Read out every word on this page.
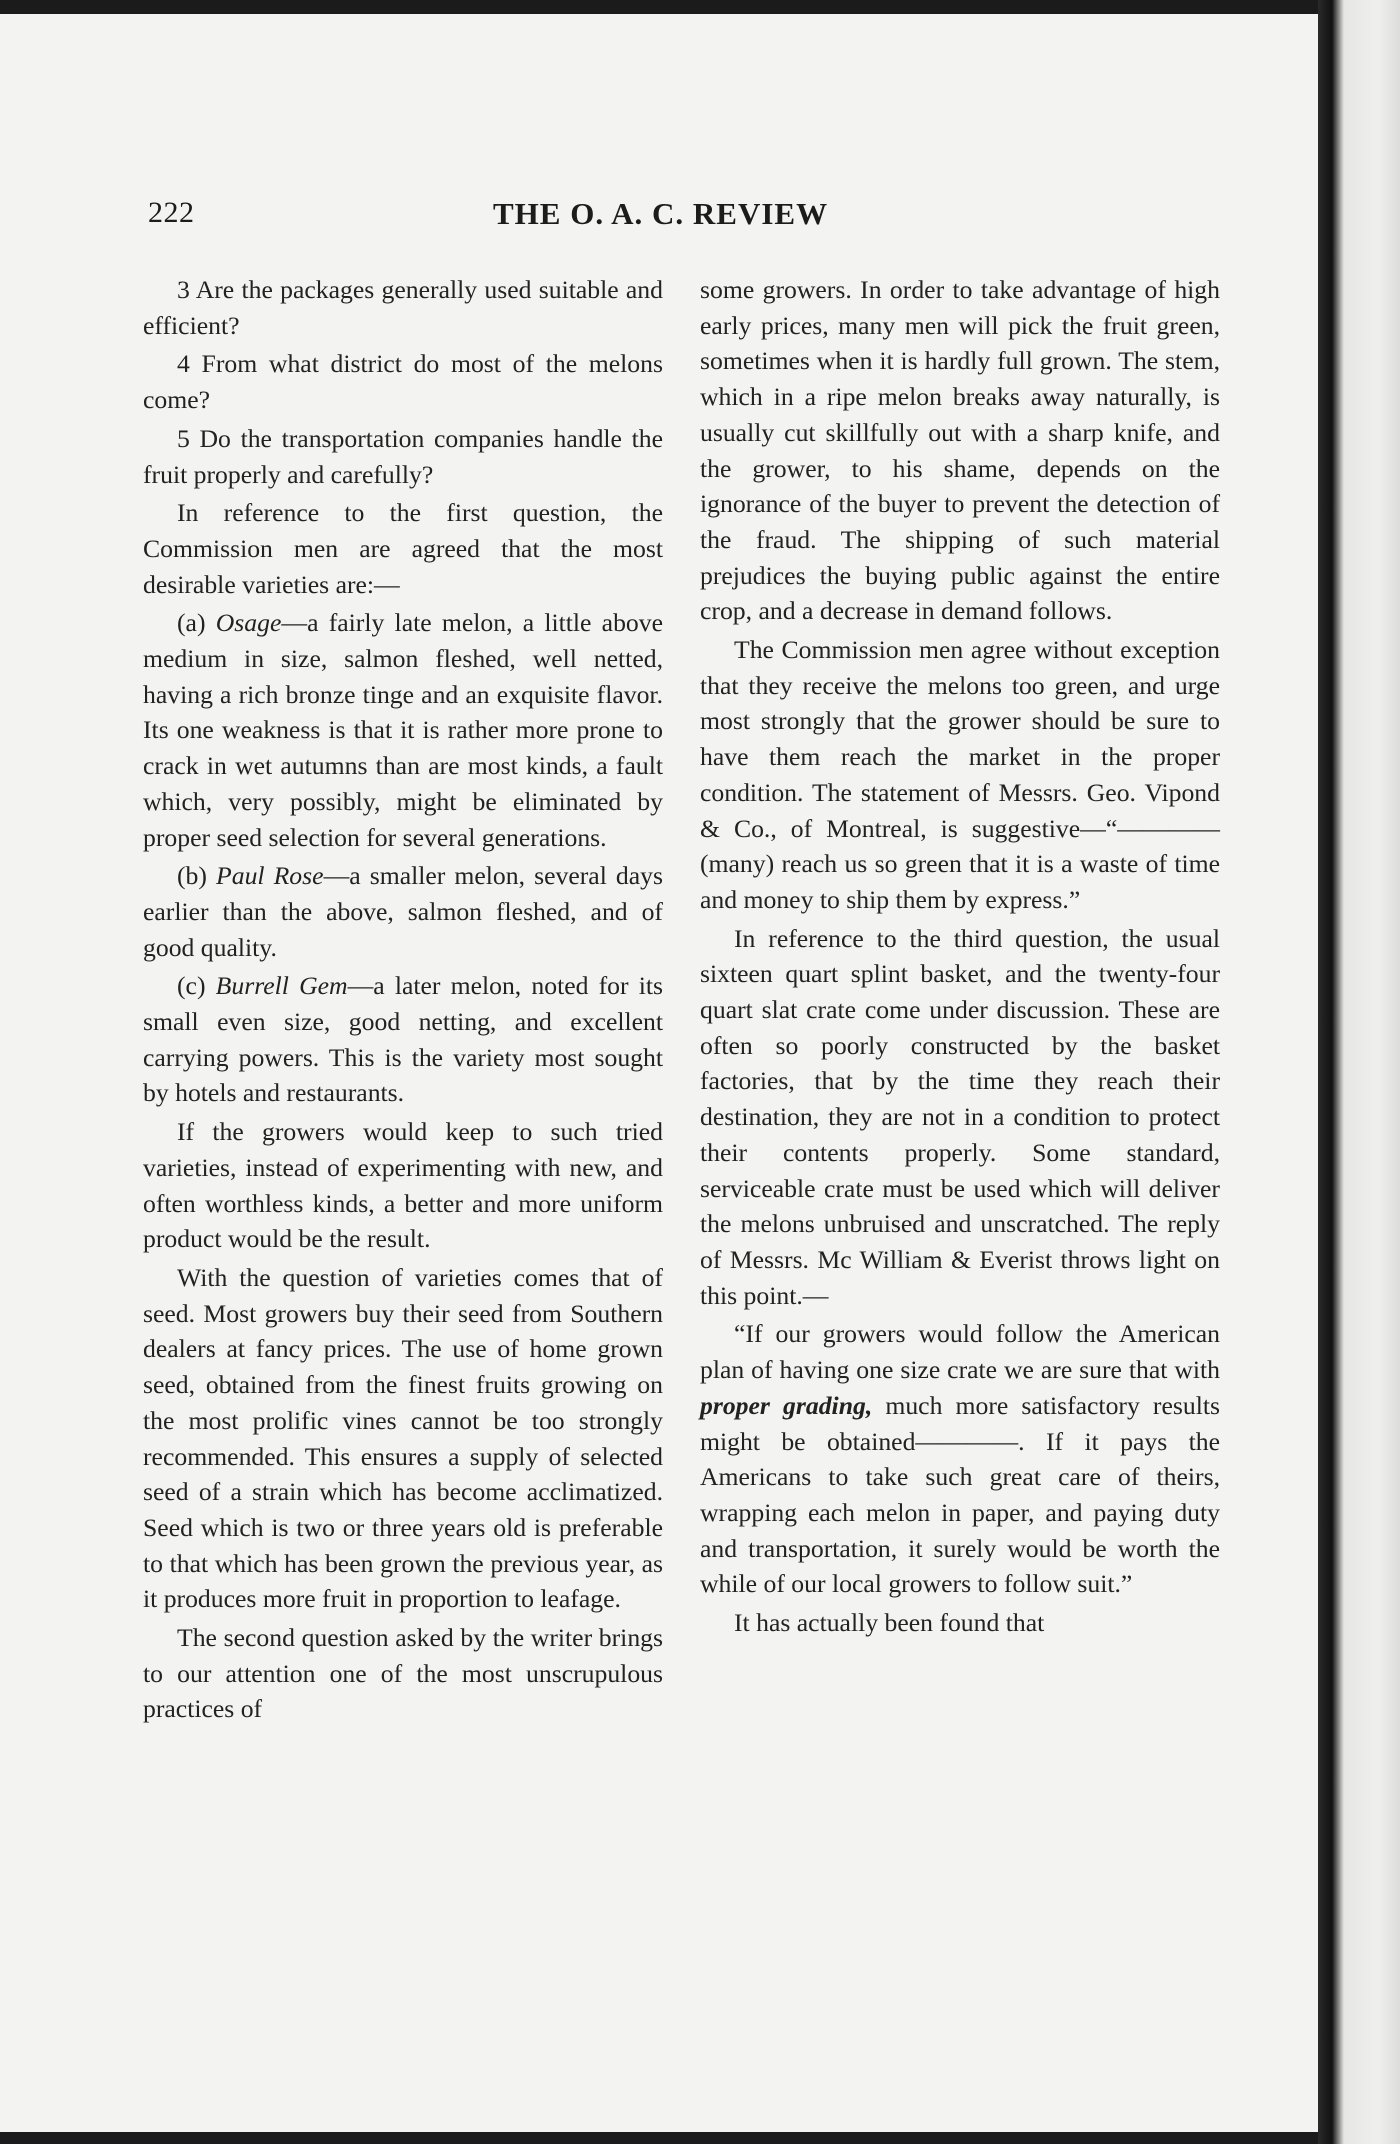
222	THE O. A. C. REVIEW

3 Are the packages generally used suitable and efficient?

4 From what district do most of the melons come?

5 Do the transportation companies handle the fruit properly and carefully?

In reference to the first question, the Commission men are agreed that the most desirable varieties are:—

(a) Osage—a fairly late melon, a little above medium in size, salmon fleshed, well netted, having a rich bronze tinge and an exquisite flavor. Its one weakness is that it is rather more prone to crack in wet autumns than are most kinds, a fault which, very possibly, might be eliminated by proper seed selection for several generations.

(b) Paul Rose—a smaller melon, several days earlier than the above, salmon fleshed, and of good quality.

(c) Burrell Gem—a later melon, noted for its small even size, good netting, and excellent carrying powers. This is the variety most sought by hotels and restaurants.

If the growers would keep to such tried varieties, instead of experimenting with new, and often worthless kinds, a better and more uniform product would be the result.

With the question of varieties comes that of seed. Most growers buy their seed from Southern dealers at fancy prices. The use of home grown seed, obtained from the finest fruits growing on the most prolific vines cannot be too strongly recommended. This ensures a supply of selected seed of a strain which has become acclimatized. Seed which is two or three years old is preferable to that which has been grown the previous year, as it produces more fruit in proportion to leafage.

The second question asked by the writer brings to our attention one of the most unscrupulous practices of

some growers. In order to take advantage of high early prices, many men will pick the fruit green, sometimes when it is hardly full grown. The stem, which in a ripe melon breaks away naturally, is usually cut skillfully out with a sharp knife, and the grower, to his shame, depends on the ignorance of the buyer to prevent the detection of the fraud. The shipping of such material prejudices the buying public against the entire crop, and a decrease in demand follows.

The Commission men agree without exception that they receive the melons too green, and urge most strongly that the grower should be sure to have them reach the market in the proper condition. The statement of Messrs. Geo. Vipond & Co., of Montreal, is suggestive—“————(many) reach us so green that it is a waste of time and money to ship them by express.”

In reference to the third question, the usual sixteen quart splint basket, and the twenty-four quart slat crate come under discussion. These are often so poorly constructed by the basket factories, that by the time they reach their destination, they are not in a condition to protect their contents properly. Some standard, serviceable crate must be used which will deliver the melons unbruised and unscratched. The reply of Messrs. Mc William & Everist throws light on this point.—

“If our growers would follow the American plan of having one size crate we are sure that with proper grading, much more satisfactory results might be obtained————. If it pays the Americans to take such great care of theirs, wrapping each melon in paper, and paying duty and transportation, it surely would be worth the while of our local growers to follow suit.”

It has actually been found that
